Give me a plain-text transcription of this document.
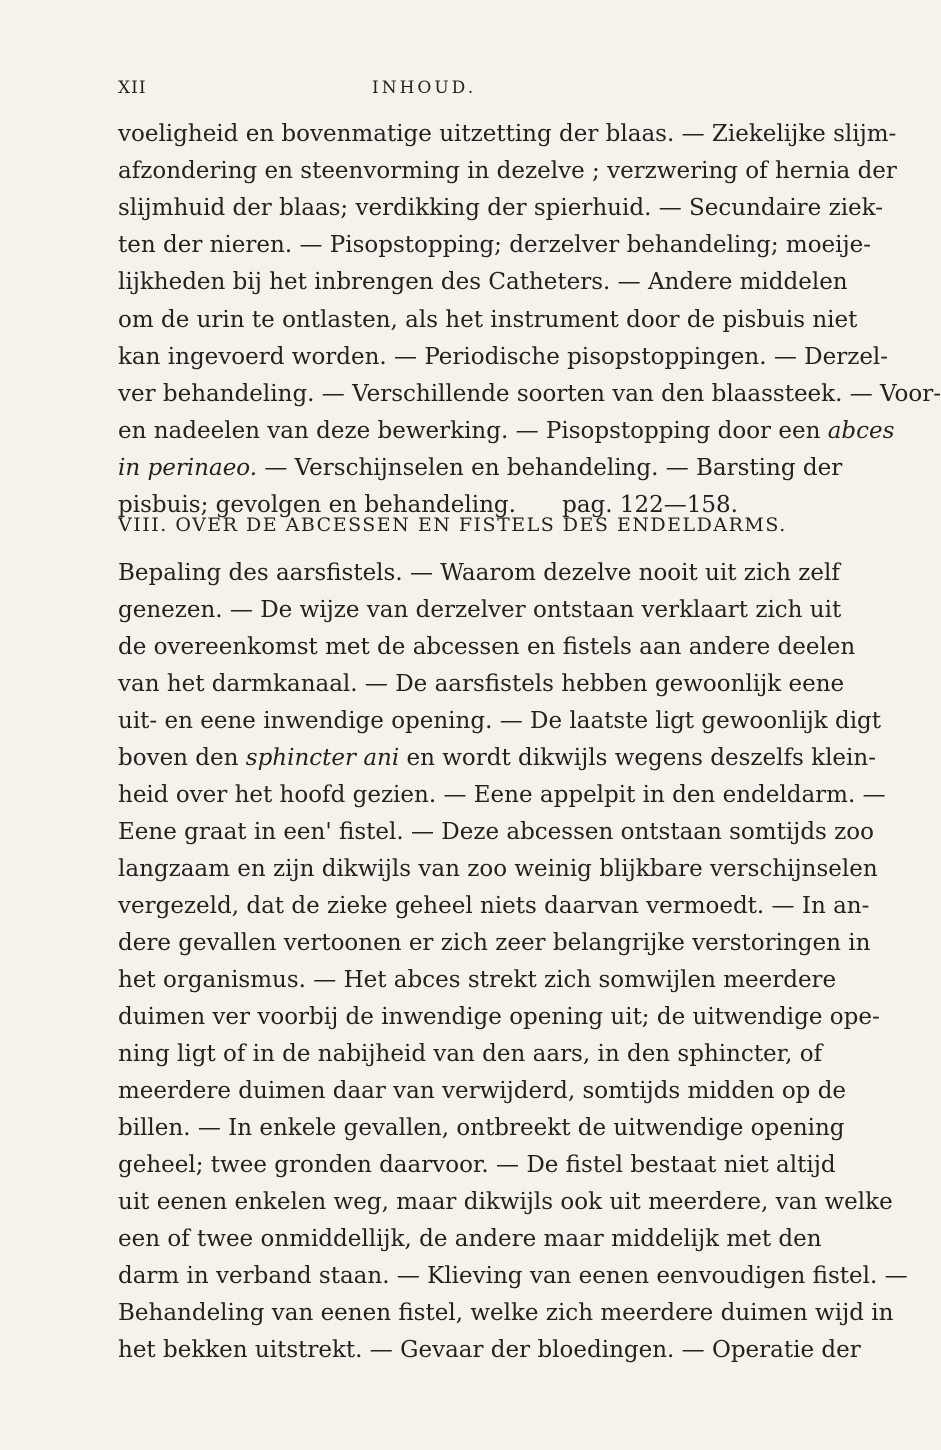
XII	INHOUD.
voeligheid en bovenmatige uitzetting der blaas. — Ziekelijke slijm-
afzondering en steenvorming in dezelve ; verzwering of hernia der
slijmhuid der blaas; verdikking der spierhuid. — Secundaire ziek-
ten der nieren. — Pisopstopping; derzelver behandeling; moeije-
lijkheden bij het inbrengen des Catheters. — Andere middelen
om de urin te ontlasten, als het instrument door de pisbuis niet
kan ingevoerd worden. — Periodische pisopstoppingen. — Derzel-
ver behandeling. — Verschillende soorten van den blaassteek. — Voor-
en nadeelen van deze bewerking. — Pisopstopping door een abces
in perinaeo. — Verschijnselen en behandeling. — Barsting der
pisbuis; gevolgen en behandeling. pag. 122—158.
VIII. OVER DE ABCESSEN EN FISTELS DES ENDELDARMS.
Bepaling des aarsfistels. — Waarom dezelve nooit uit zich zelf
genezen. — De wijze van derzelver ontstaan verklaart zich uit
de overeenkomst met de abcessen en fistels aan andere deelen
van het darmkanaal. — De aarsfistels hebben gewoonlijk eene
uit- en eene inwendige opening. — De laatste ligt gewoonlijk digt
boven den sphincter ani en wordt dikwijls wegens deszelfs klein-
heid over het hoofd gezien. — Eene appelpit in den endeldarm. —
Eene graat in een' fistel. — Deze abcessen ontstaan somtijds zoo
langzaam en zijn dikwijls van zoo weinig blijkbare verschijnselen
vergezeld, dat de zieke geheel niets daarvan vermoedt. — In an-
dere gevallen vertoonen er zich zeer belangrijke verstoringen in
het organismus. — Het abces strekt zich somwijlen meerdere
duimen ver voorbij de inwendige opening uit; de uitwendige ope-
ning ligt of in de nabijheid van den aars, in den sphincter, of
meerdere duimen daar van verwijderd, somtijds midden op de
billen. — In enkele gevallen, ontbreekt de uitwendige opening
geheel; twee gronden daarvoor. — De fistel bestaat niet altijd
uit eenen enkelen weg, maar dikwijls ook uit meerdere, van welke
een of twee onmiddellijk, de andere maar middelijk met den
darm in verband staan. — Klieving van eenen eenvoudigen fistel. —
Behandeling van eenen fistel, welke zich meerdere duimen wijd in
het bekken uitstrekt. — Gevaar der bloedingen. — Operatie der
